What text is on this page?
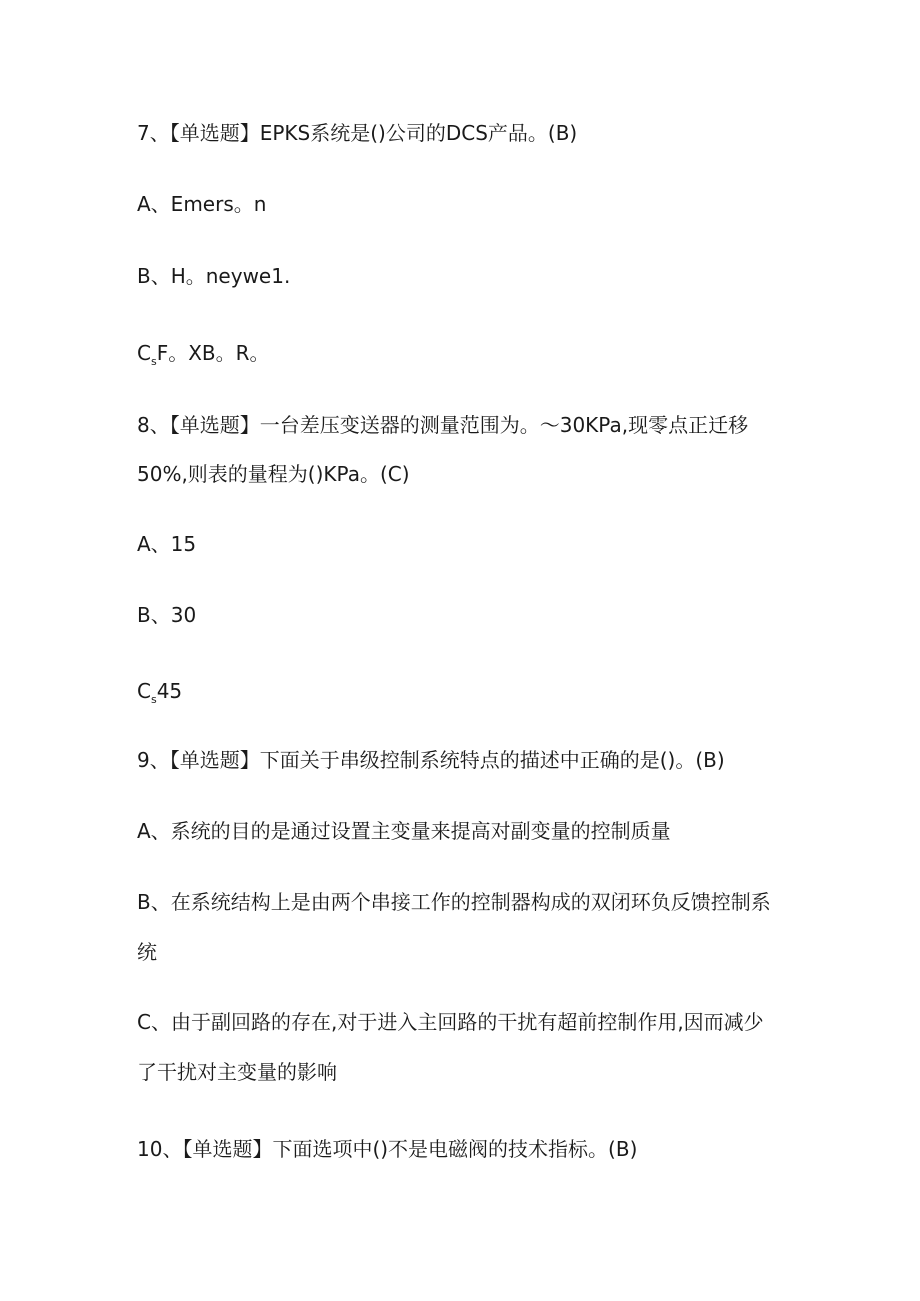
7、【单选题】EPKS系统是()公司的DCS产品。(B)

A、Emers。n

B、H。neywe1.

$C_sF$。XB。R。

8、【单选题】一台差压变送器的测量范围为。～30KPa,现零点正迁移

50%,则表的量程为()KPa。(C)

A、15

B、30

$C_s45$

9、【单选题】下面关于串级控制系统特点的描述中正确的是()。(B)

A、系统的目的是通过设置主变量来提高对副变量的控制质量

B、在系统结构上是由两个串接工作的控制器构成的双闭环负反馈控制系

统

C、由于副回路的存在,对于进入主回路的干扰有超前控制作用,因而减少

了干扰对主变量的影响

10、【单选题】下面选项中()不是电磁阀的技术指标。(B)
